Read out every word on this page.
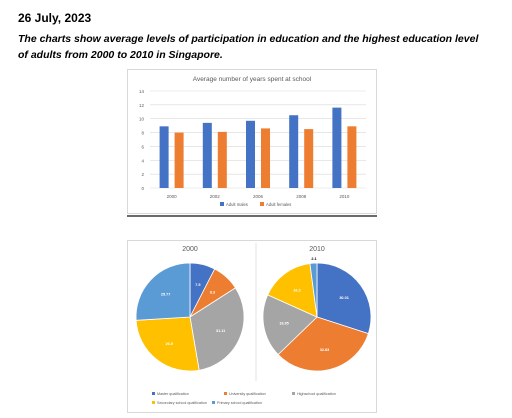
26 July, 2023
The charts show average levels of participation in education and the highest education level of adults from 2000 to 2010 in Singapore.
Average number of years spent at school
0
2
4
6
8
10
12
14
2000	2002	2006	2008	2010
Adult males	Adult females
2000	2010
7.5
8.3
31.11
26.5
25.77
30.01
32.83
18.95
16.2
2.1
Master qualification	University qualification	Highschool qualification
Secondary school qualification	Primary school qualification
